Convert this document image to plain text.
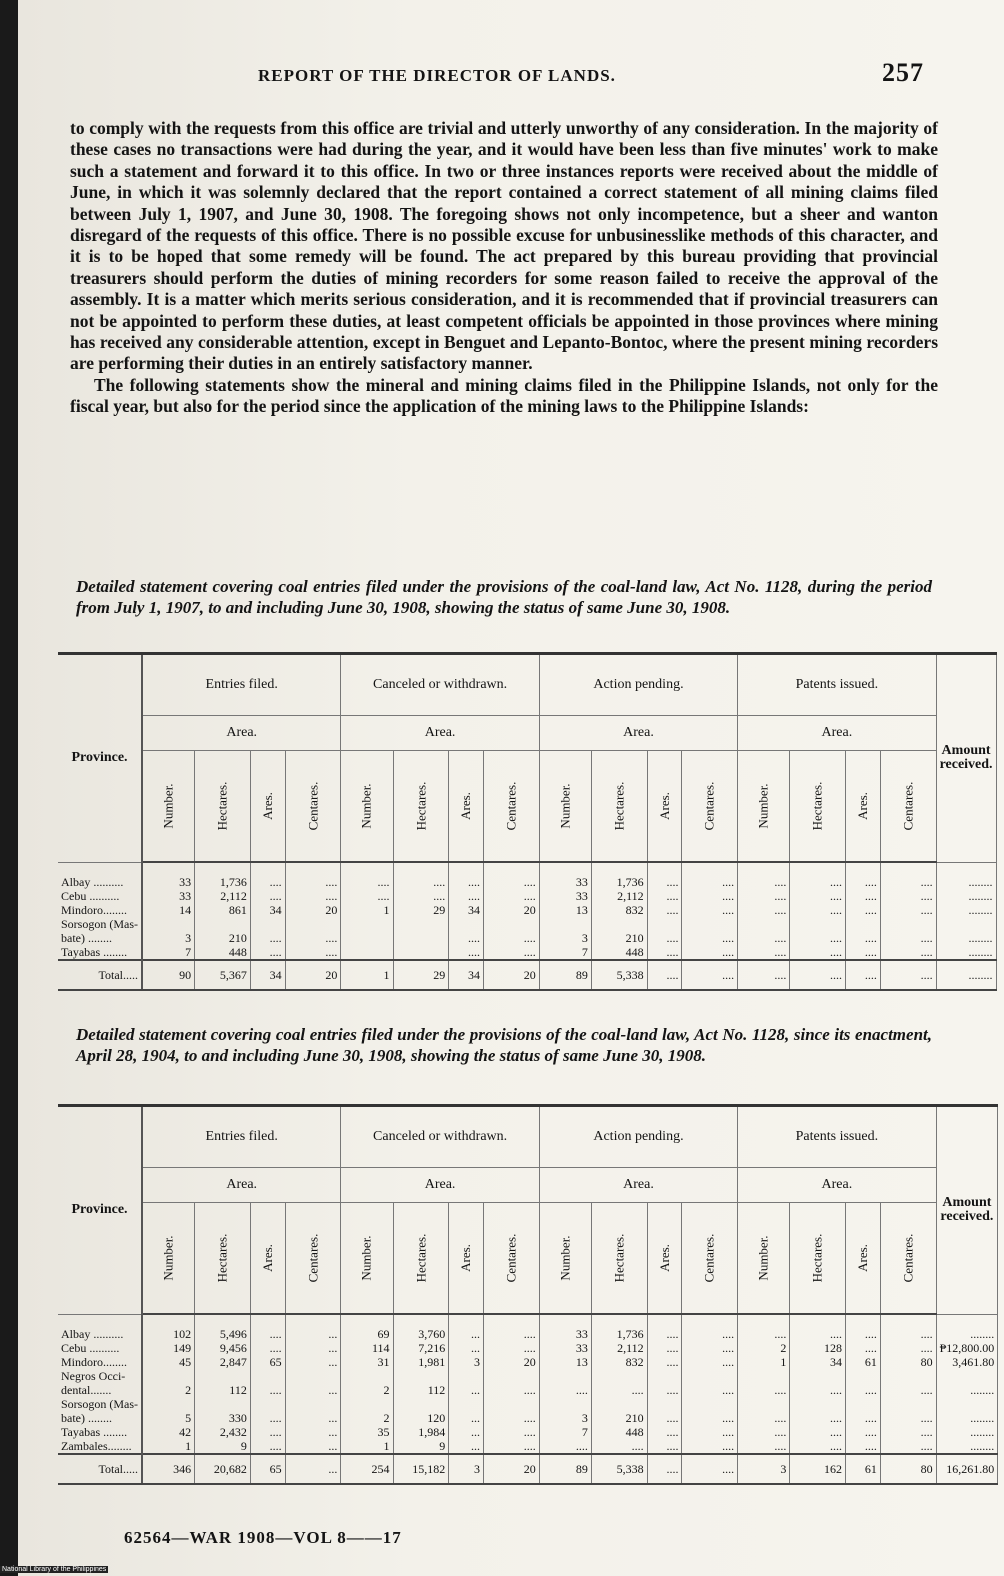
REPORT OF THE DIRECTOR OF LANDS.	257

to comply with the requests from this office are trivial and utterly unworthy of any consideration. In the majority of these cases no transactions were had during the year, and it would have been less than five minutes' work to make such a statement and forward it to this office. In two or three instances reports were received about the middle of June, in which it was solemnly declared that the report contained a correct statement of all mining claims filed between July 1, 1907, and June 30, 1908. The foregoing shows not only incompetence, but a sheer and wanton disregard of the requests of this office. There is no possible excuse for unbusinesslike methods of this character, and it is to be hoped that some remedy will be found. The act prepared by this bureau providing that provincial treasurers should perform the duties of mining recorders for some reason failed to receive the approval of the assembly. It is a matter which merits serious consideration, and it is recommended that if provincial treasurers can not be appointed to perform these duties, at least competent officials be appointed in those provinces where mining has received any considerable attention, except in Benguet and Lepanto-Bontoc, where the present mining recorders are performing their duties in an entirely satisfactory manner.

The following statements show the mineral and mining claims filed in the Philippine Islands, not only for the fiscal year, but also for the period since the application of the mining laws to the Philippine Islands:

Detailed statement covering coal entries filed under the provisions of the coal-land law, Act No. 1128, during the period from July 1, 1907, to and including June 30, 1908, showing the status of same June 30, 1908.
Province.	Entries filed.				Canceled or withdrawn.				Action pending.				Patents issued.				Amount received.
	Area.				Area.				Area.				Area.				
	Number.	Hectares.	Ares.	Centares.	Number.	Hectares.	Ares.	Centares.	Number.	Hectares.	Ares.	Centares.	Number.	Hectares.	Ares.	Centares.	
Albay ..........	33	1,736	....	....	....	....	....	....	33	1,736	....	....	....	....	....	....	........
Cebu ..........	33	2,112	....	....	....	....	....	....	33	2,112	....	....	....	....	....	....	........
Mindoro........	14	861	34	20	1	29	34	20	13	832	....	....	....	....	....	....	........
Sorsogon (Mas-																	
bate) ........	3	210	....	....			....	....	3	210	....	....	....	....	....	....	........
Tayabas ........	7	448	....	....			....	....	7	448	....	....	....	....	....	....	........
Total.....	90	5,367	34	20	1	29	34	20	89	5,338	....	....	....	....	....	....	........
Detailed statement covering coal entries filed under the provisions of the coal-land law, Act No. 1128, since its enactment, April 28, 1904, to and including June 30, 1908, showing the status of same June 30, 1908.
Province.	Entries filed.				Canceled or withdrawn.				Action pending.				Patents issued.				Amount received.
	Area.				Area.				Area.				Area.				
	Number.	Hectares.	Ares.	Centares.	Number.	Hectares.	Ares.	Centares.	Number.	Hectares.	Ares.	Centares.	Number.	Hectares.	Ares.	Centares.	
Albay ..........	102	5,496	....	...	69	3,760	...	....	33	1,736	....	....	....	....	....	....	........
Cebu ..........	149	9,456	....	...	114	7,216	...	....	33	2,112	....	....	2	128	....	....	₱12,800.00
Mindoro........	45	2,847	65	...	31	1,981	3	20	13	832	....	....	1	34	61	80	3,461.80
Negros Occi-																	
dental.......	2	112	....	...	2	112	...	....	....	....	....	....	....	....	....	....	........
Sorsogon (Mas-																	
bate) ........	5	330	....	...	2	120	...	....	3	210	....	....	....	....	....	....	........
Tayabas ........	42	2,432	....	...	35	1,984	...	....	7	448	....	....	....	....	....	....	........
Zambales........	1	9	....	...	1	9	...	....	....	....	....	....	....	....	....	....	........
Total.....	346	20,682	65	...	254	15,182	3	20	89	5,338	....	....	3	162	61	80	16,261.80
62564—WAR 1908—VOL 8——17
National Library of the Philippines
